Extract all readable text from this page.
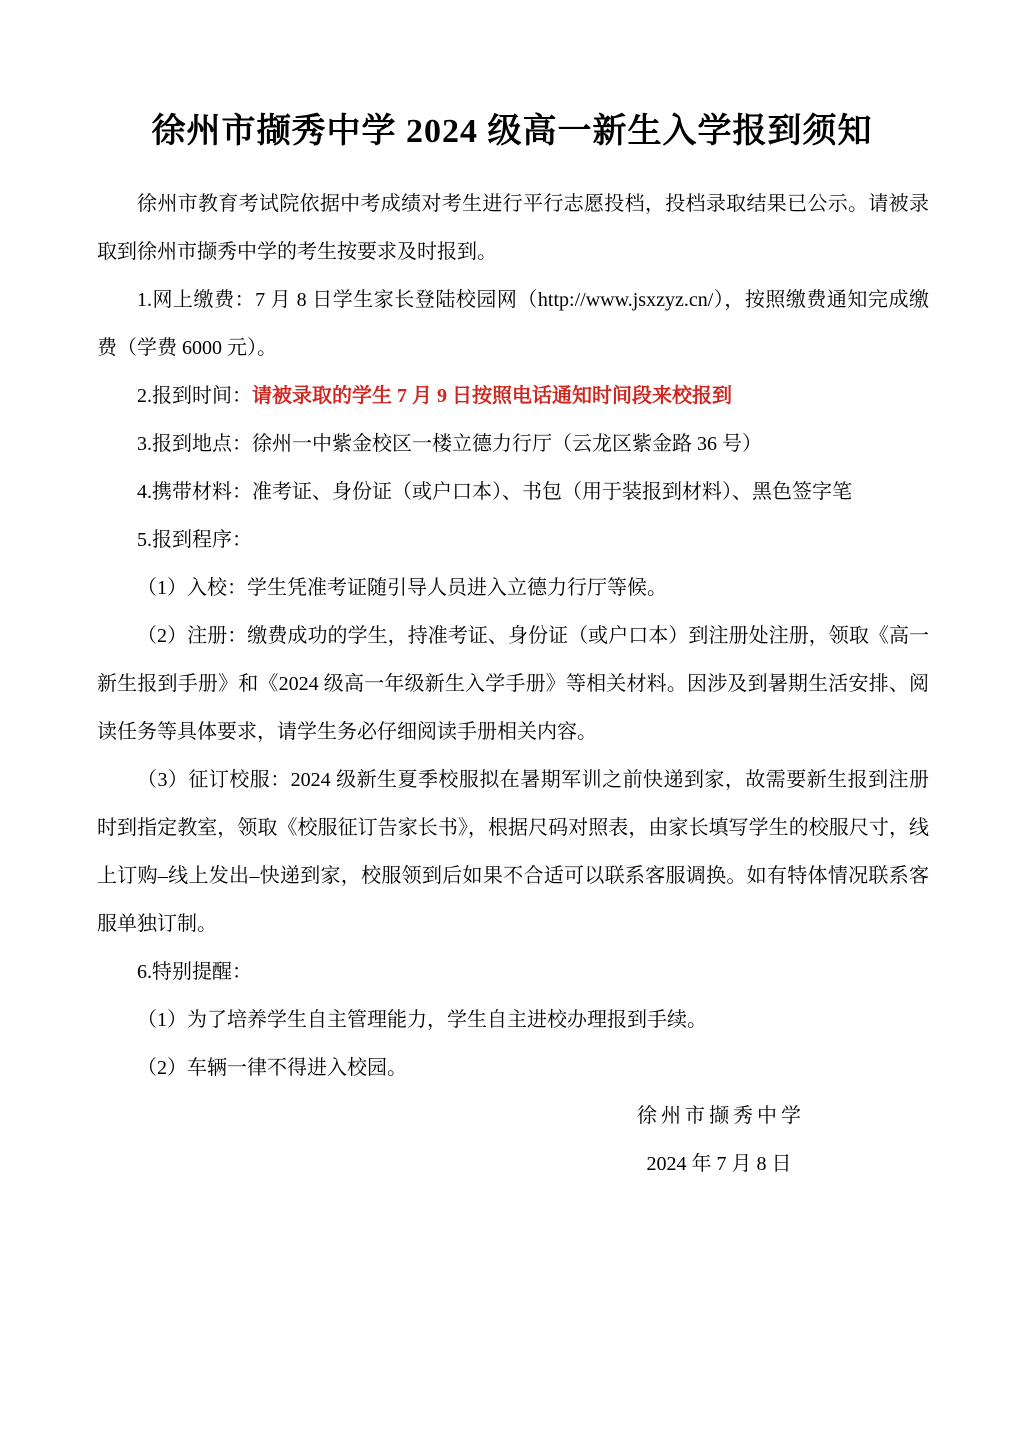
徐州市撷秀中学 2024 级高一新生入学报到须知

徐州市教育考试院依据中考成绩对考生进行平行志愿投档，投档录取结果已公示。请被录取到徐州市撷秀中学的考生按要求及时报到。

1.网上缴费：7 月 8 日学生家长登陆校园网（http://www.jsxzyz.cn/），按照缴费通知完成缴费（学费 6000 元）。

2.报到时间：请被录取的学生 7 月 9 日按照电话通知时间段来校报到

3.报到地点：徐州一中紫金校区一楼立德力行厅（云龙区紫金路 36 号）

4.携带材料：准考证、身份证（或户口本）、书包（用于装报到材料）、黑色签字笔

5.报到程序：

（1）入校：学生凭准考证随引导人员进入立德力行厅等候。

（2）注册：缴费成功的学生，持准考证、身份证（或户口本）到注册处注册，领取《高一新生报到手册》和《2024 级高一年级新生入学手册》等相关材料。因涉及到暑期生活安排、阅读任务等具体要求，请学生务必仔细阅读手册相关内容。

（3）征订校服：2024 级新生夏季校服拟在暑期军训之前快递到家，故需要新生报到注册时到指定教室，领取《校服征订告家长书》，根据尺码对照表，由家长填写学生的校服尺寸，线上订购–线上发出–快递到家，校服领到后如果不合适可以联系客服调换。如有特体情况联系客服单独订制。

6.特别提醒：

（1）为了培养学生自主管理能力，学生自主进校办理报到手续。

（2）车辆一律不得进入校园。

徐州市撷秀中学

2024 年 7 月 8 日
